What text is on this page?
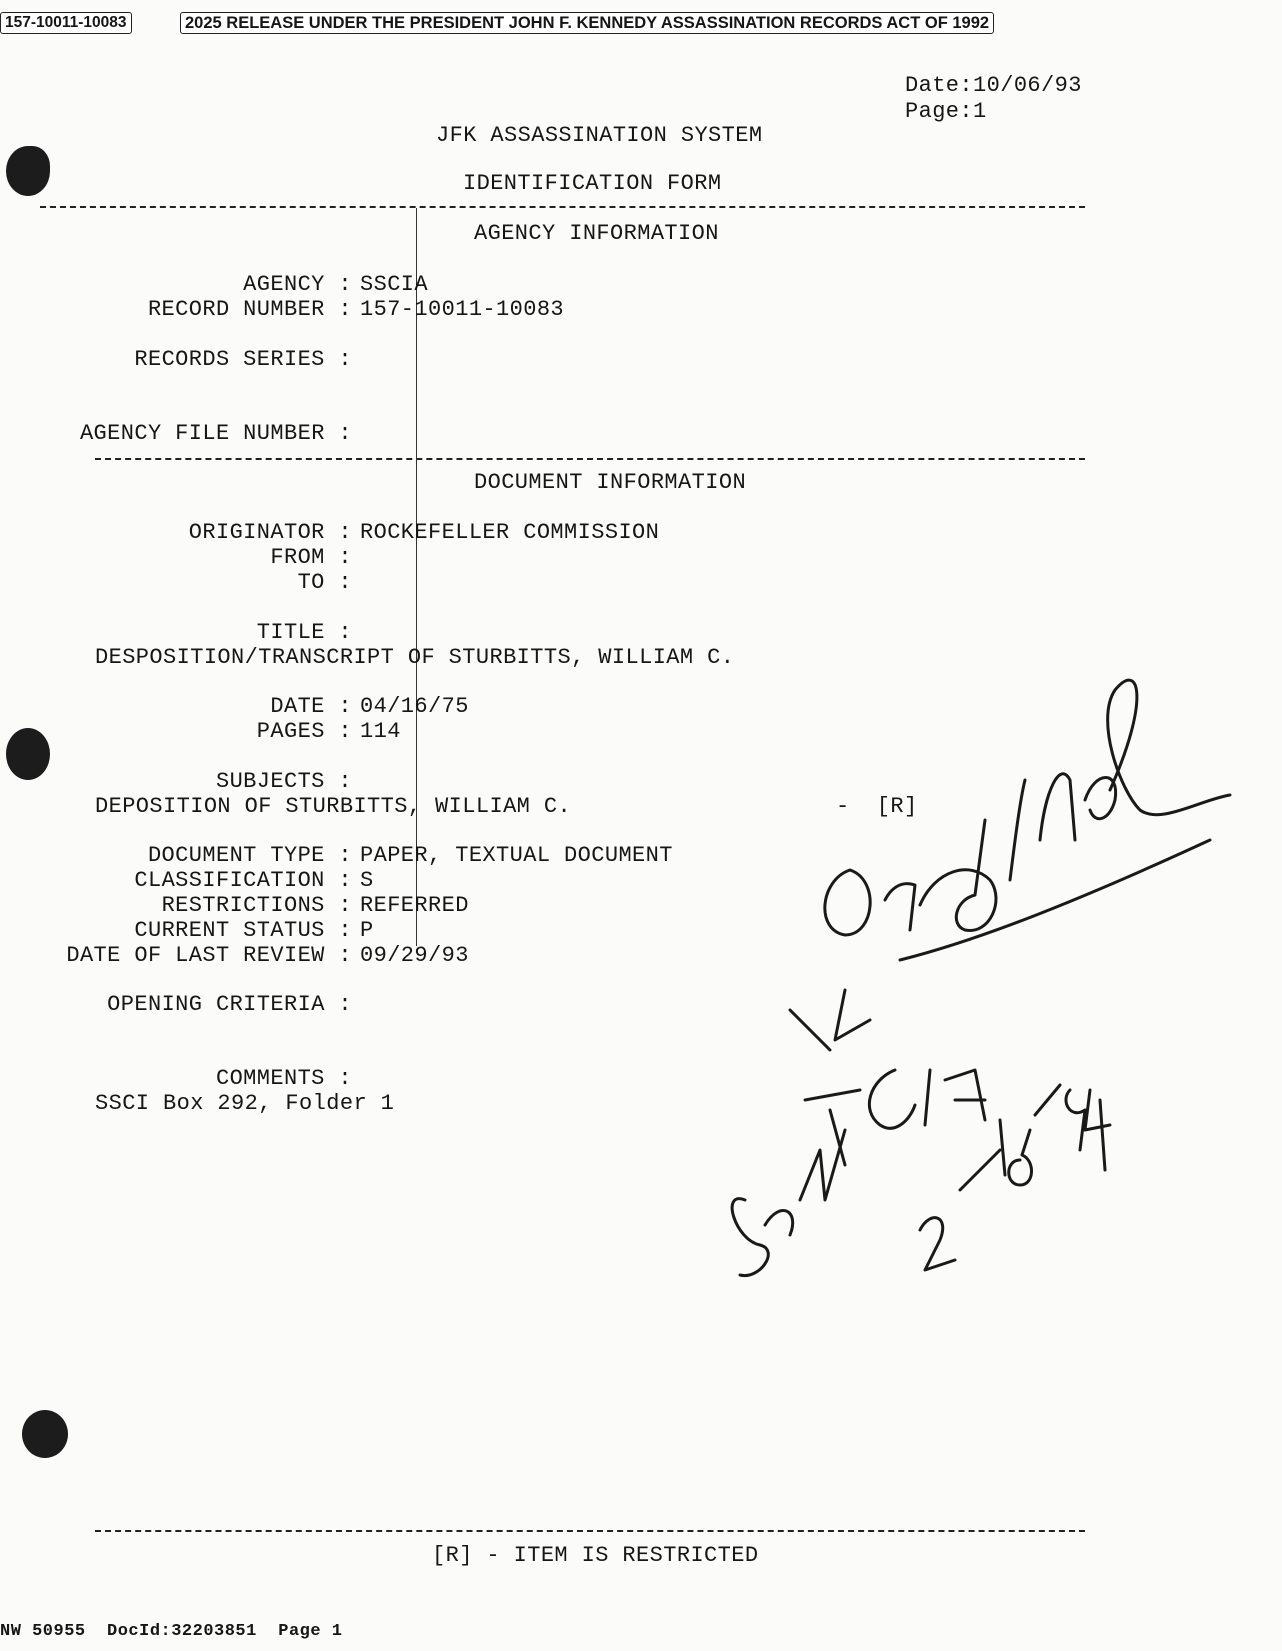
157-10011-10083	2025 RELEASE UNDER THE PRESIDENT JOHN F. KENNEDY ASSASSINATION RECORDS ACT OF 1992
Date:10/06/93
Page:1
JFK ASSASSINATION SYSTEM
IDENTIFICATION FORM
AGENCY INFORMATION
AGENCY : SSCIA
RECORD NUMBER : 157-10011-10083
RECORDS SERIES :
AGENCY FILE NUMBER :
DOCUMENT INFORMATION
ORIGINATOR : ROCKEFELLER COMMISSION
FROM :
TO :
TITLE :
DESPOSITION/TRANSCRIPT OF STURBITTS, WILLIAM C.
DATE : 04/16/75
PAGES : 114
SUBJECTS :
DEPOSITION OF STURBITTS, WILLIAM C.	-  [R]
DOCUMENT TYPE : PAPER, TEXTUAL DOCUMENT
CLASSIFICATION : S
RESTRICTIONS : REFERRED
CURRENT STATUS : P
DATE OF LAST REVIEW : 09/29/93
OPENING CRITERIA :
COMMENTS :
SSCI Box 292, Folder 1
[R] - ITEM IS RESTRICTED
NW 50955  DocId:32203851  Page 1
